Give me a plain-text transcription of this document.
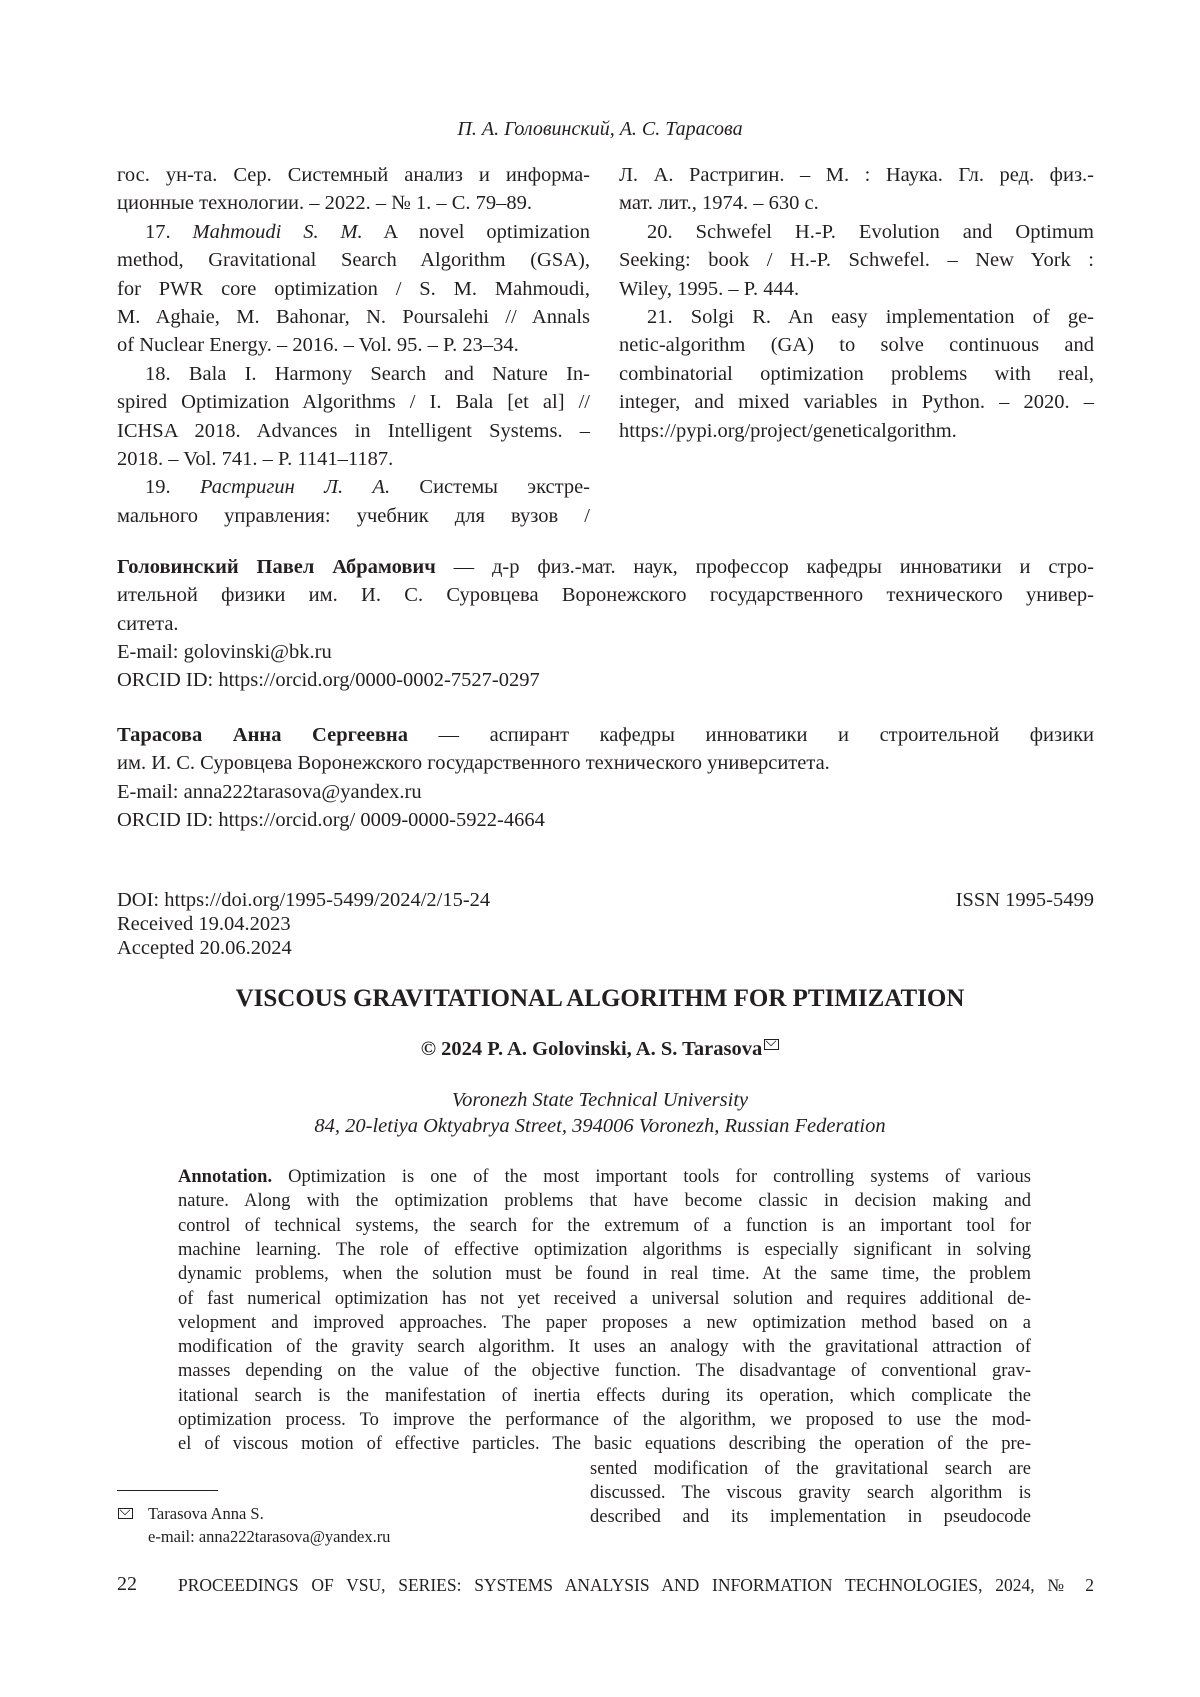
П. А. Головинский, А. С. Тарасова
гос. ун-та. Сер. Системный анализ и информа-
ционные технологии. – 2022. – № 1. – С. 79–89.
17. Mahmoudi S. M. A novel optimization
method, Gravitational Search Algorithm (GSA),
for PWR core optimization / S. M. Mahmoudi,
M. Aghaie, M. Bahonar, N. Poursalehi // Annals
of Nuclear Energy. – 2016. – Vol. 95. – P. 23–34.
18. Bala I. Harmony Search and Nature In-
spired Optimization Algorithms / I. Bala [et al] //
ICHSA 2018. Advances in Intelligent Systems. –
2018. – Vol. 741. – P. 1141–1187.
19. Растригин Л. А. Системы экстре-
мального управления: учебник для вузов /
Л. А. Растригин. – М. : Наука. Гл. ред. физ.-
мат. лит., 1974. – 630 с.
20. Schwefel H.-P. Evolution and Optimum
Seeking: book / H.-P. Schwefel. – New York :
Wiley, 1995. – P. 444.
21. Solgi R. An easy implementation of ge-
netic-algorithm (GA) to solve continuous and
combinatorial optimization problems with real,
integer, and mixed variables in Python. – 2020. –
https://pypi.org/project/geneticalgorithm.
Головинский Павел Абрамович — д-р физ.-мат. наук, профессор кафедры инноватики и стро-
ительной физики им. И. С. Суровцева Воронежского государственного технического универ-
ситета.
E-mail: golovinski@bk.ru
ORCID ID: https://orcid.org/0000-0002-7527-0297
Тарасова Анна Сергеевна — аспирант кафедры инноватики и строительной физики
им. И. С. Суровцева Воронежского государственного технического университета.
E-mail: anna222tarasova@yandex.ru
ORCID ID: https://orcid.org/ 0009-0000-5922-4664
DOI: https://doi.org/1995-5499/2024/2/15-24	ISSN 1995-5499
Received 19.04.2023
Accepted 20.06.2024
VISCOUS GRAVITATIONAL ALGORITHM FOR PTIMIZATION
© 2024 P. A. Golovinski, A. S. Tarasova
Voronezh State Technical University
84, 20-letiya Oktyabrya Street, 394006 Voronezh, Russian Federation
Annotation. Optimization is one of the most important tools for controlling systems of various
nature. Along with the optimization problems that have become classic in decision making and
control of technical systems, the search for the extremum of a function is an important tool for
machine learning. The role of effective optimization algorithms is especially significant in solving
dynamic problems, when the solution must be found in real time. At the same time, the problem
of fast numerical optimization has not yet received a universal solution and requires additional de-
velopment and improved approaches. The paper proposes a new optimization method based on a
modification of the gravity search algorithm. It uses an analogy with the gravitational attraction of
masses depending on the value of the objective function. The disadvantage of conventional grav-
itational search is the manifestation of inertia effects during its operation, which complicate the
optimization process. To improve the performance of the algorithm, we proposed to use the mod-
el of viscous motion of effective particles. The basic equations describing the operation of the pre-
sented modification of the gravitational search are
discussed. The viscous gravity search algorithm is
described and its implementation in pseudocode
Tarasova Anna S.
e-mail: anna222tarasova@yandex.ru
22 PROCEEDINGS OF VSU, SERIES: SYSTEMS ANALYSIS AND INFORMATION TECHNOLOGIES, 2024, № 2
